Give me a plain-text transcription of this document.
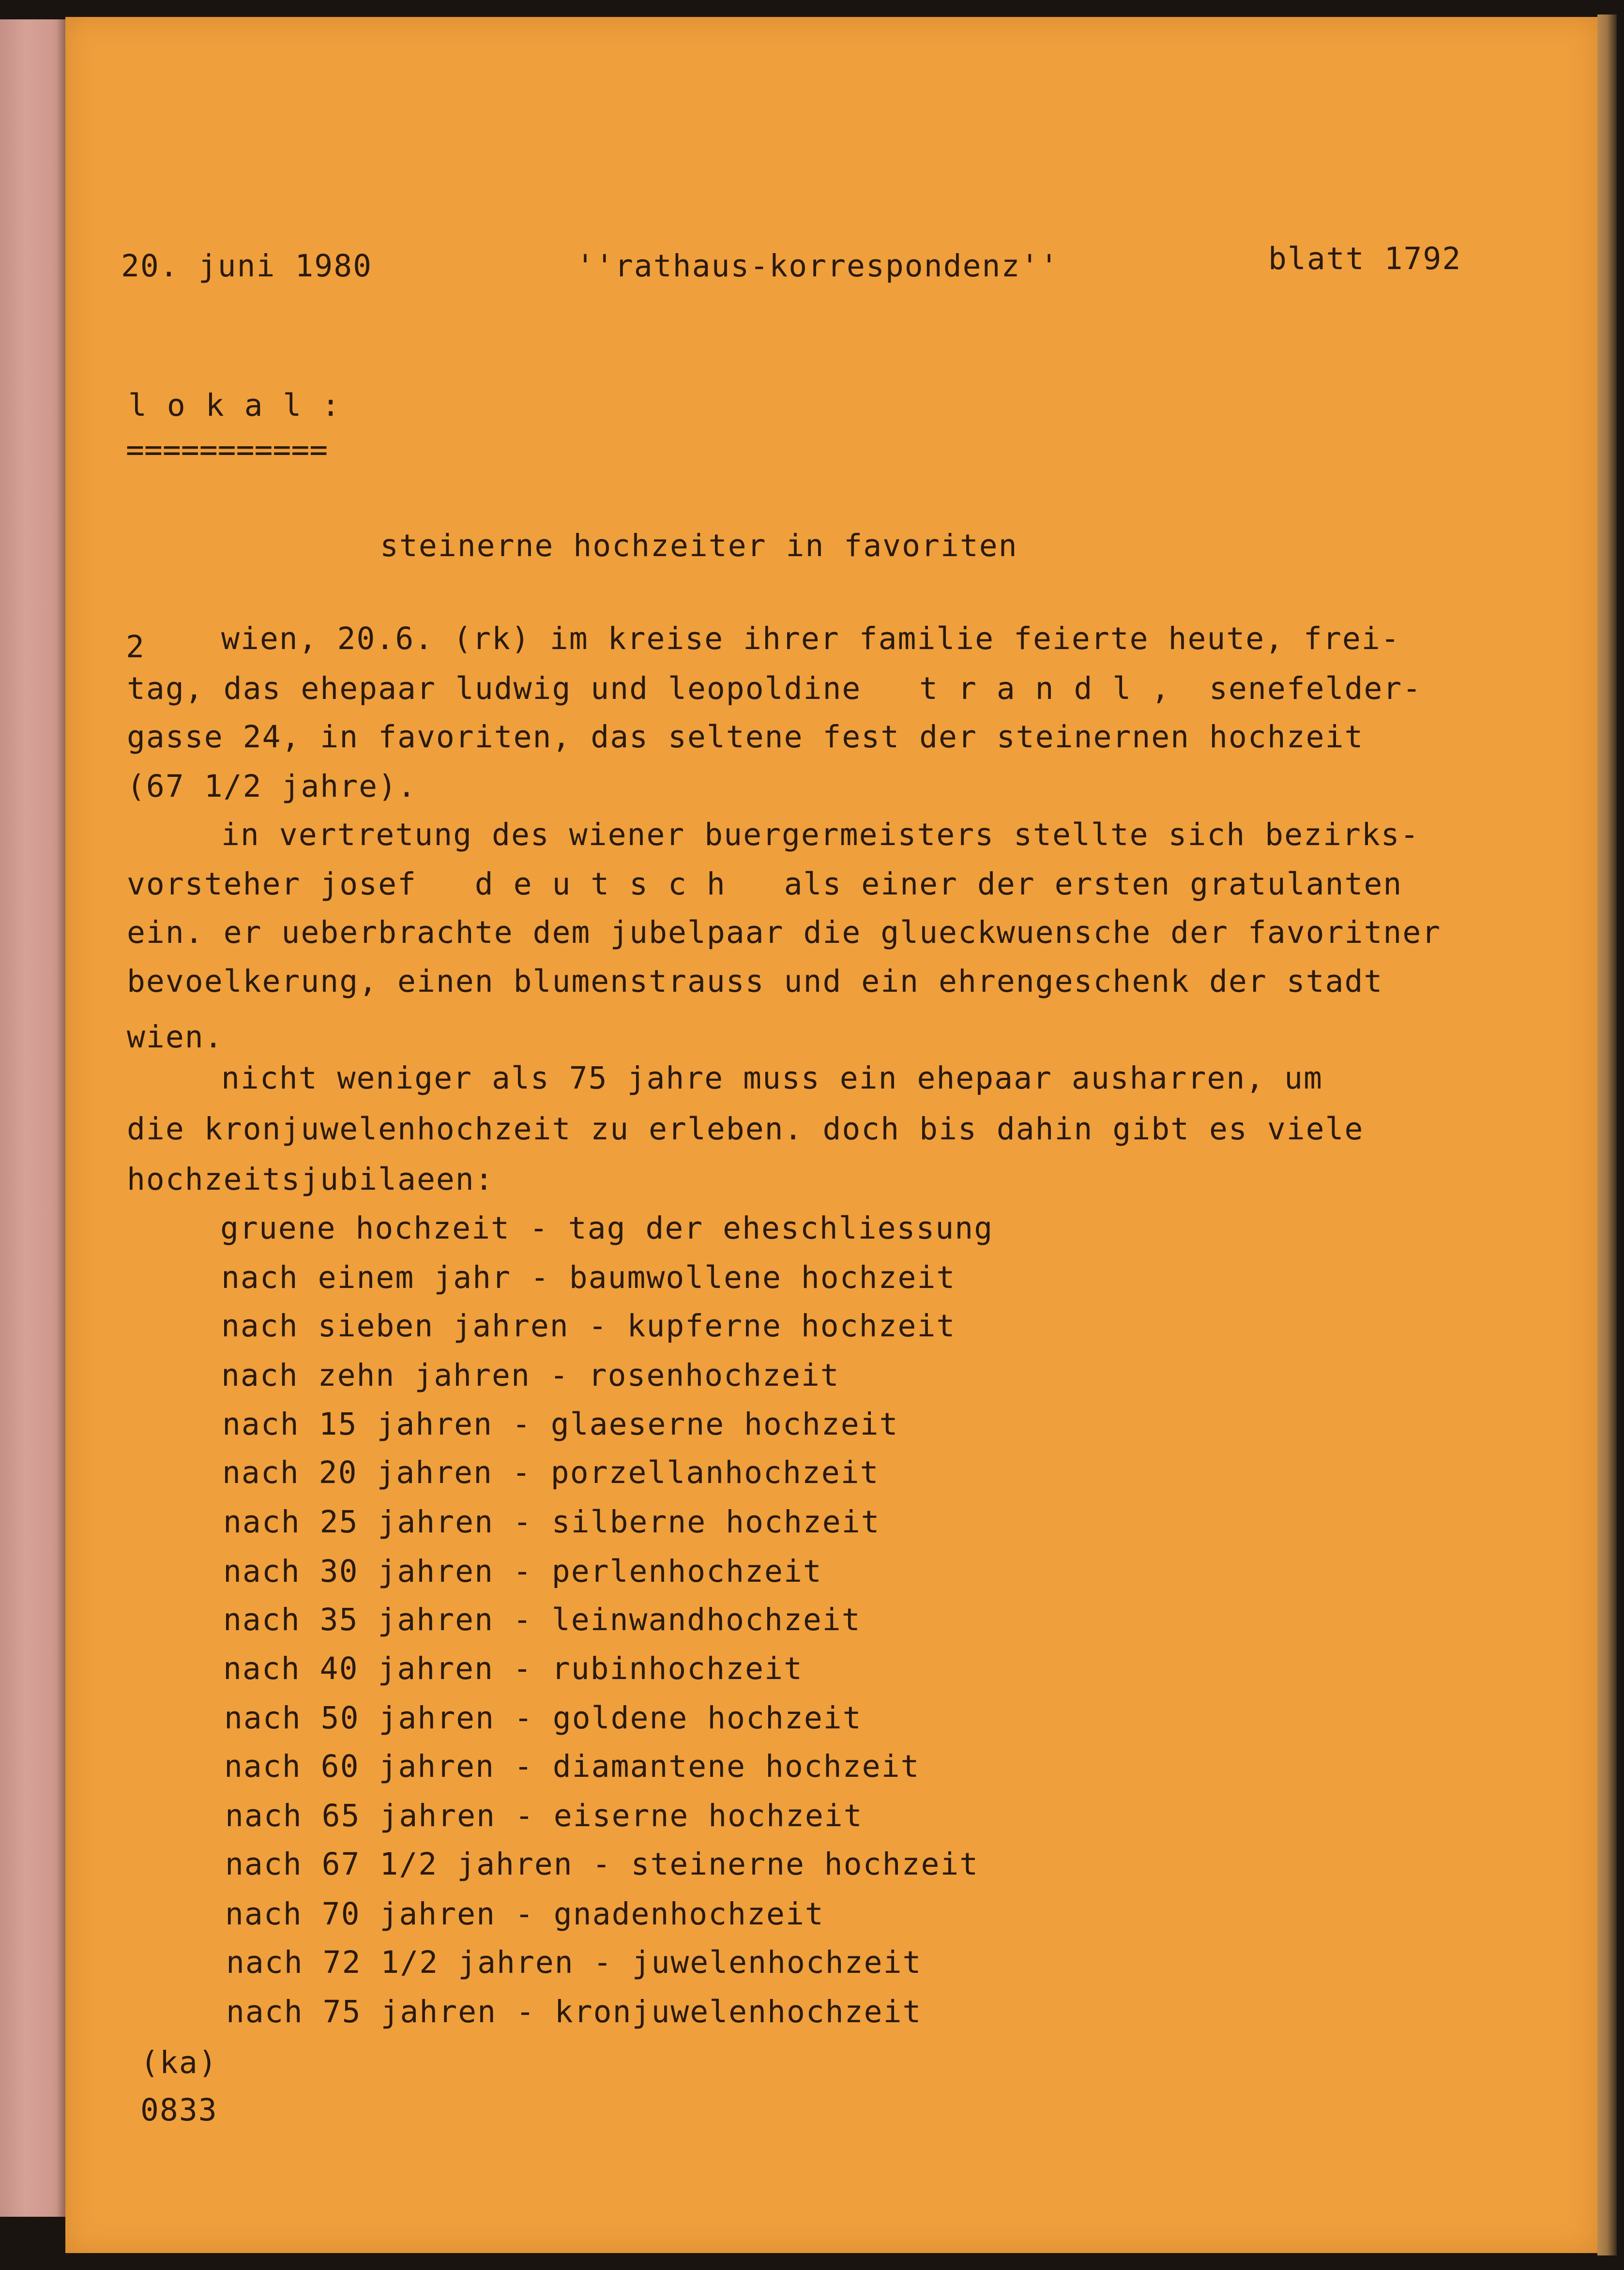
20. juni 1980	''rathaus-korrespondenz''	blatt 1792

l o k a l :

===========

steinerne hochzeiter in favoriten

2 wien, 20.6. (rk) im kreise ihrer familie feierte heute, frei-

tag, das ehepaar ludwig und leopoldine   t r a n d l ,  senefelder-

gasse 24, in favoriten, das seltene fest der steinernen hochzeit

(67 1/2 jahre).

in vertretung des wiener buergermeisters stellte sich bezirks-

vorsteher josef   d e u t s c h   als einer der ersten gratulanten

ein. er ueberbrachte dem jubelpaar die glueckwuensche der favoritner

bevoelkerung, einen blumenstrauss und ein ehrengeschenk der stadt

wien.

nicht weniger als 75 jahre muss ein ehepaar ausharren, um

die kronjuwelenhochzeit zu erleben. doch bis dahin gibt es viele

hochzeitsjubilaeen:

gruene hochzeit - tag der eheschliessung

nach einem jahr - baumwollene hochzeit

nach sieben jahren - kupferne hochzeit

nach zehn jahren - rosenhochzeit

nach 15 jahren - glaeserne hochzeit

nach 20 jahren - porzellanhochzeit

nach 25 jahren - silberne hochzeit

nach 30 jahren - perlenhochzeit

nach 35 jahren - leinwandhochzeit

nach 40 jahren - rubinhochzeit

nach 50 jahren - goldene hochzeit

nach 60 jahren - diamantene hochzeit

nach 65 jahren - eiserne hochzeit

nach 67 1/2 jahren - steinerne hochzeit

nach 70 jahren - gnadenhochzeit

nach 72 1/2 jahren - juwelenhochzeit

nach 75 jahren - kronjuwelenhochzeit

(ka)

0833
